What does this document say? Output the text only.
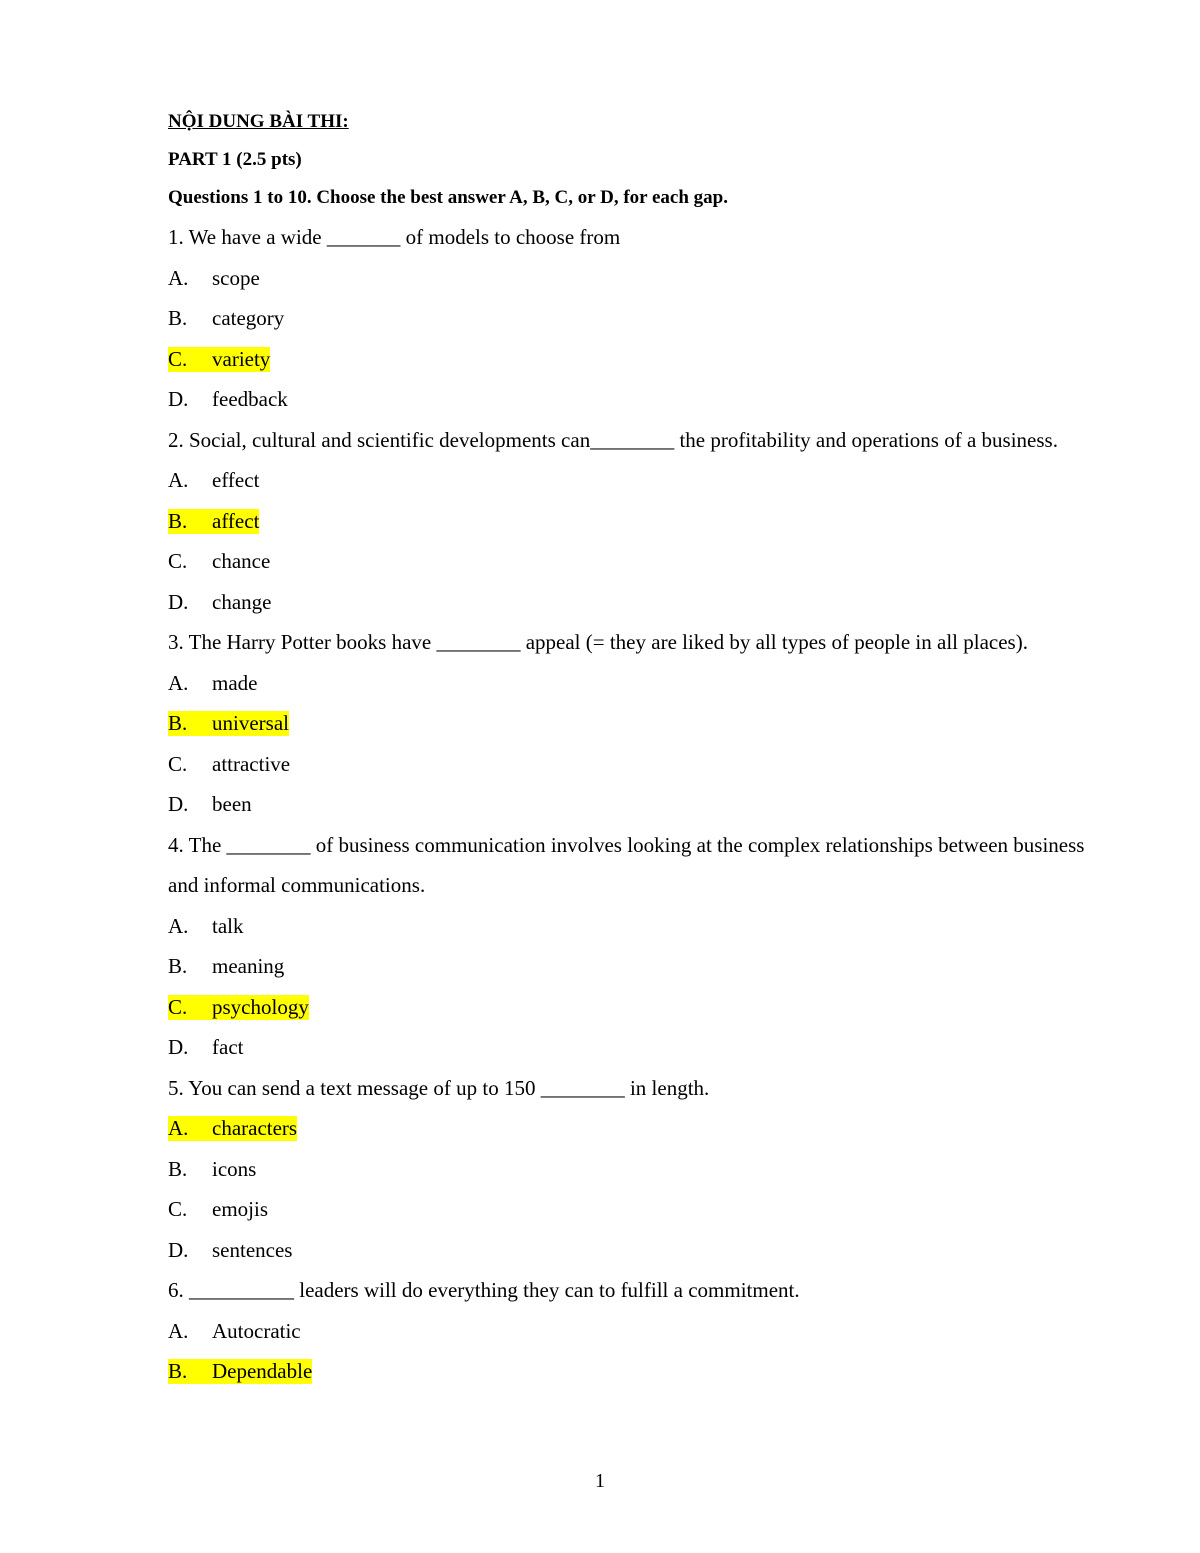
NỘI DUNG BÀI THI:
PART 1 (2.5 pts)
Questions 1 to 10. Choose the best answer A, B, C, or D, for each gap.
1. We have a wide _______ of models to choose from
A. scope
B. category
C. variety
D. feedback
2. Social, cultural and scientific developments can________ the profitability and operations of a business.
A. effect
B. affect
C. chance
D. change
3. The Harry Potter books have ________ appeal (= they are liked by all types of people in all places).
A. made
B. universal
C. attractive
D. been
4. The ________ of business communication involves looking at the complex relationships between business and informal communications.
A. talk
B. meaning
C. psychology
D. fact
5. You can send a text message of up to 150 ________ in length.
A. characters
B. icons
C. emojis
D. sentences
6. __________ leaders will do everything they can to fulfill a commitment.
A. Autocratic
B. Dependable
1
